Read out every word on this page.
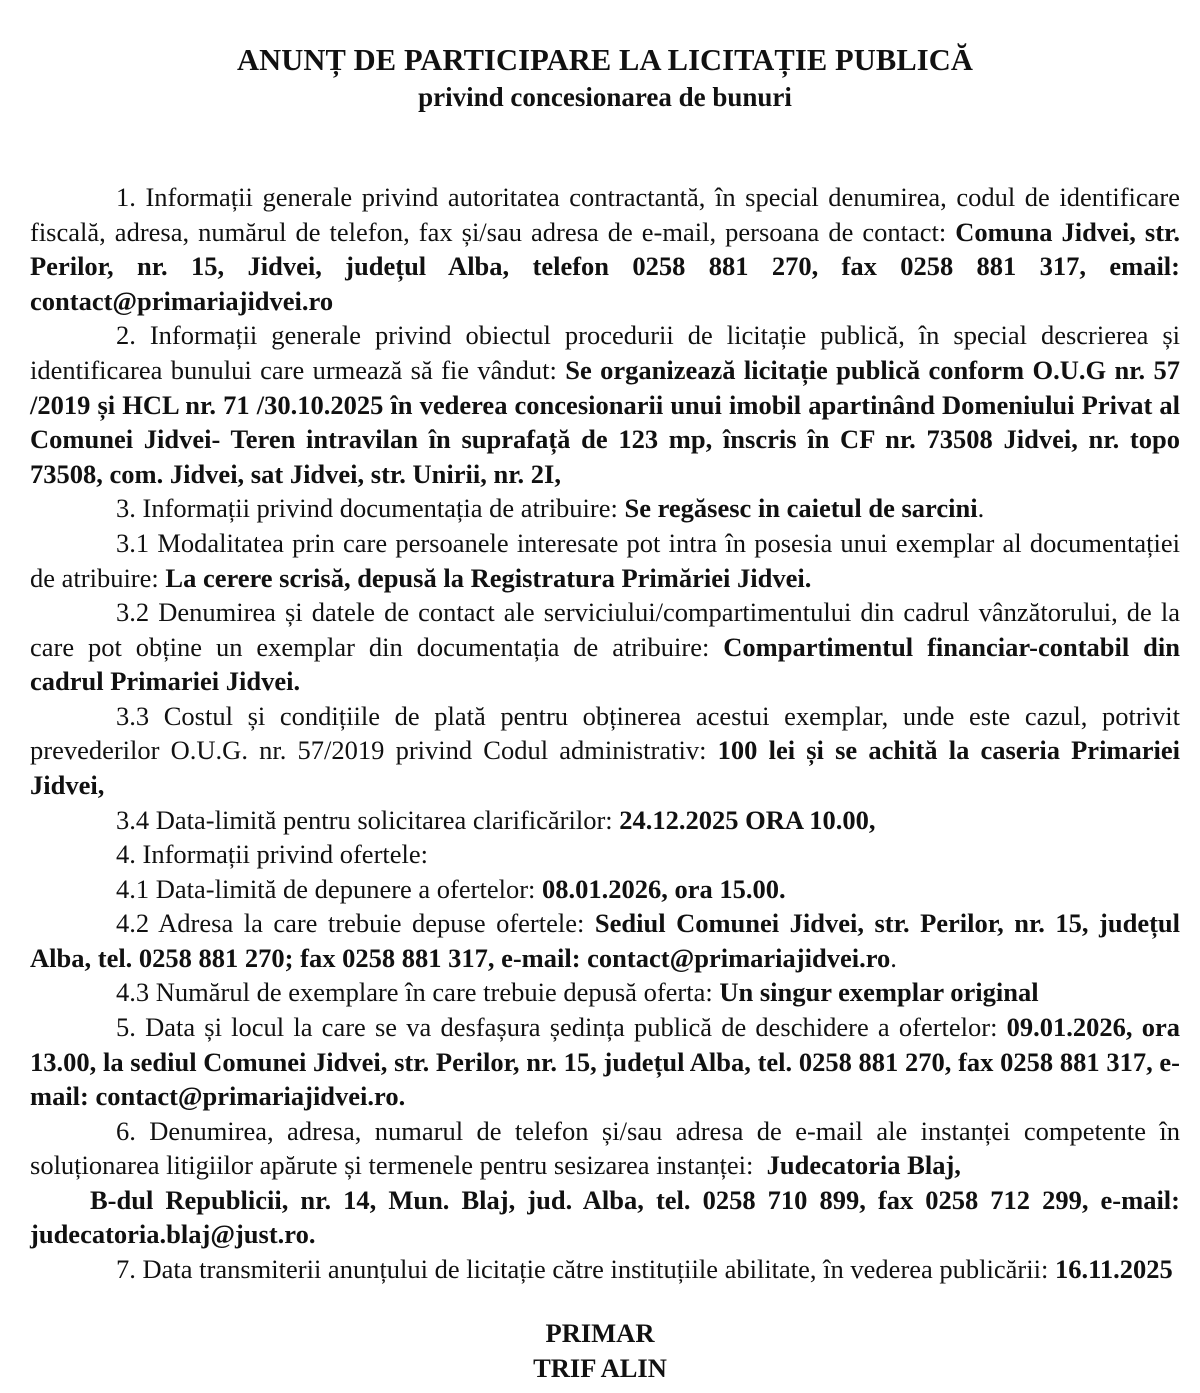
ANUNȚ DE PARTICIPARE LA LICITAȚIE PUBLICĂ
privind concesionarea de bunuri

1. Informații generale privind autoritatea contractantă, în special denumirea, codul de identificare fiscală, adresa, numărul de telefon, fax și/sau adresa de e-mail, persoana de contact: Comuna Jidvei, str. Perilor, nr. 15, Jidvei, județul Alba, telefon 0258 881 270, fax 0258 881 317, email: contact@primariajidvei.ro

2. Informații generale privind obiectul procedurii de licitație publică, în special descrierea și identificarea bunului care urmează să fie vândut: Se organizează licitație publică conform O.U.G nr. 57 /2019 și HCL nr. 71 /30.10.2025 în vederea concesionarii unui imobil apartinând Domeniului Privat al Comunei Jidvei- Teren intravilan în suprafață de 123 mp, înscris în CF nr. 73508 Jidvei, nr. topo 73508, com. Jidvei, sat Jidvei, str. Unirii, nr. 2I,

3. Informații privind documentația de atribuire: Se regăsesc in caietul de sarcini.

3.1 Modalitatea prin care persoanele interesate pot intra în posesia unui exemplar al documentației de atribuire: La cerere scrisă, depusă la Registratura Primăriei Jidvei.

3.2 Denumirea și datele de contact ale serviciului/compartimentului din cadrul vânzătorului, de la care pot obține un exemplar din documentația de atribuire: Compartimentul financiar-contabil din cadrul Primariei Jidvei.

3.3 Costul și condițiile de plată pentru obținerea acestui exemplar, unde este cazul, potrivit prevederilor O.U.G. nr. 57/2019 privind Codul administrativ: 100 lei și se achită la caseria Primariei Jidvei,

3.4 Data-limită pentru solicitarea clarificărilor: 24.12.2025 ORA 10.00,

4. Informații privind ofertele:

4.1 Data-limită de depunere a ofertelor: 08.01.2026, ora 15.00.

4.2 Adresa la care trebuie depuse ofertele: Sediul Comunei Jidvei, str. Perilor, nr. 15, județul Alba, tel. 0258 881 270; fax 0258 881 317, e-mail: contact@primariajidvei.ro.

4.3 Numărul de exemplare în care trebuie depusă oferta: Un singur exemplar original

5. Data și locul la care se va desfașura ședința publică de deschidere a ofertelor: 09.01.2026, ora 13.00, la sediul Comunei Jidvei, str. Perilor, nr. 15, județul Alba, tel. 0258 881 270, fax 0258 881 317, e-mail: contact@primariajidvei.ro.

6. Denumirea, adresa, numarul de telefon și/sau adresa de e-mail ale instanței competente în soluționarea litigiilor apărute și termenele pentru sesizarea instanței: Judecatoria Blaj,

B-dul Republicii, nr. 14, Mun. Blaj, jud. Alba, tel. 0258 710 899, fax 0258 712 299, e-mail: judecatoria.blaj@just.ro.

7. Data transmiterii anunțului de licitație către instituțiile abilitate, în vederea publicării: 16.11.2025

PRIMAR
TRIF ALIN
